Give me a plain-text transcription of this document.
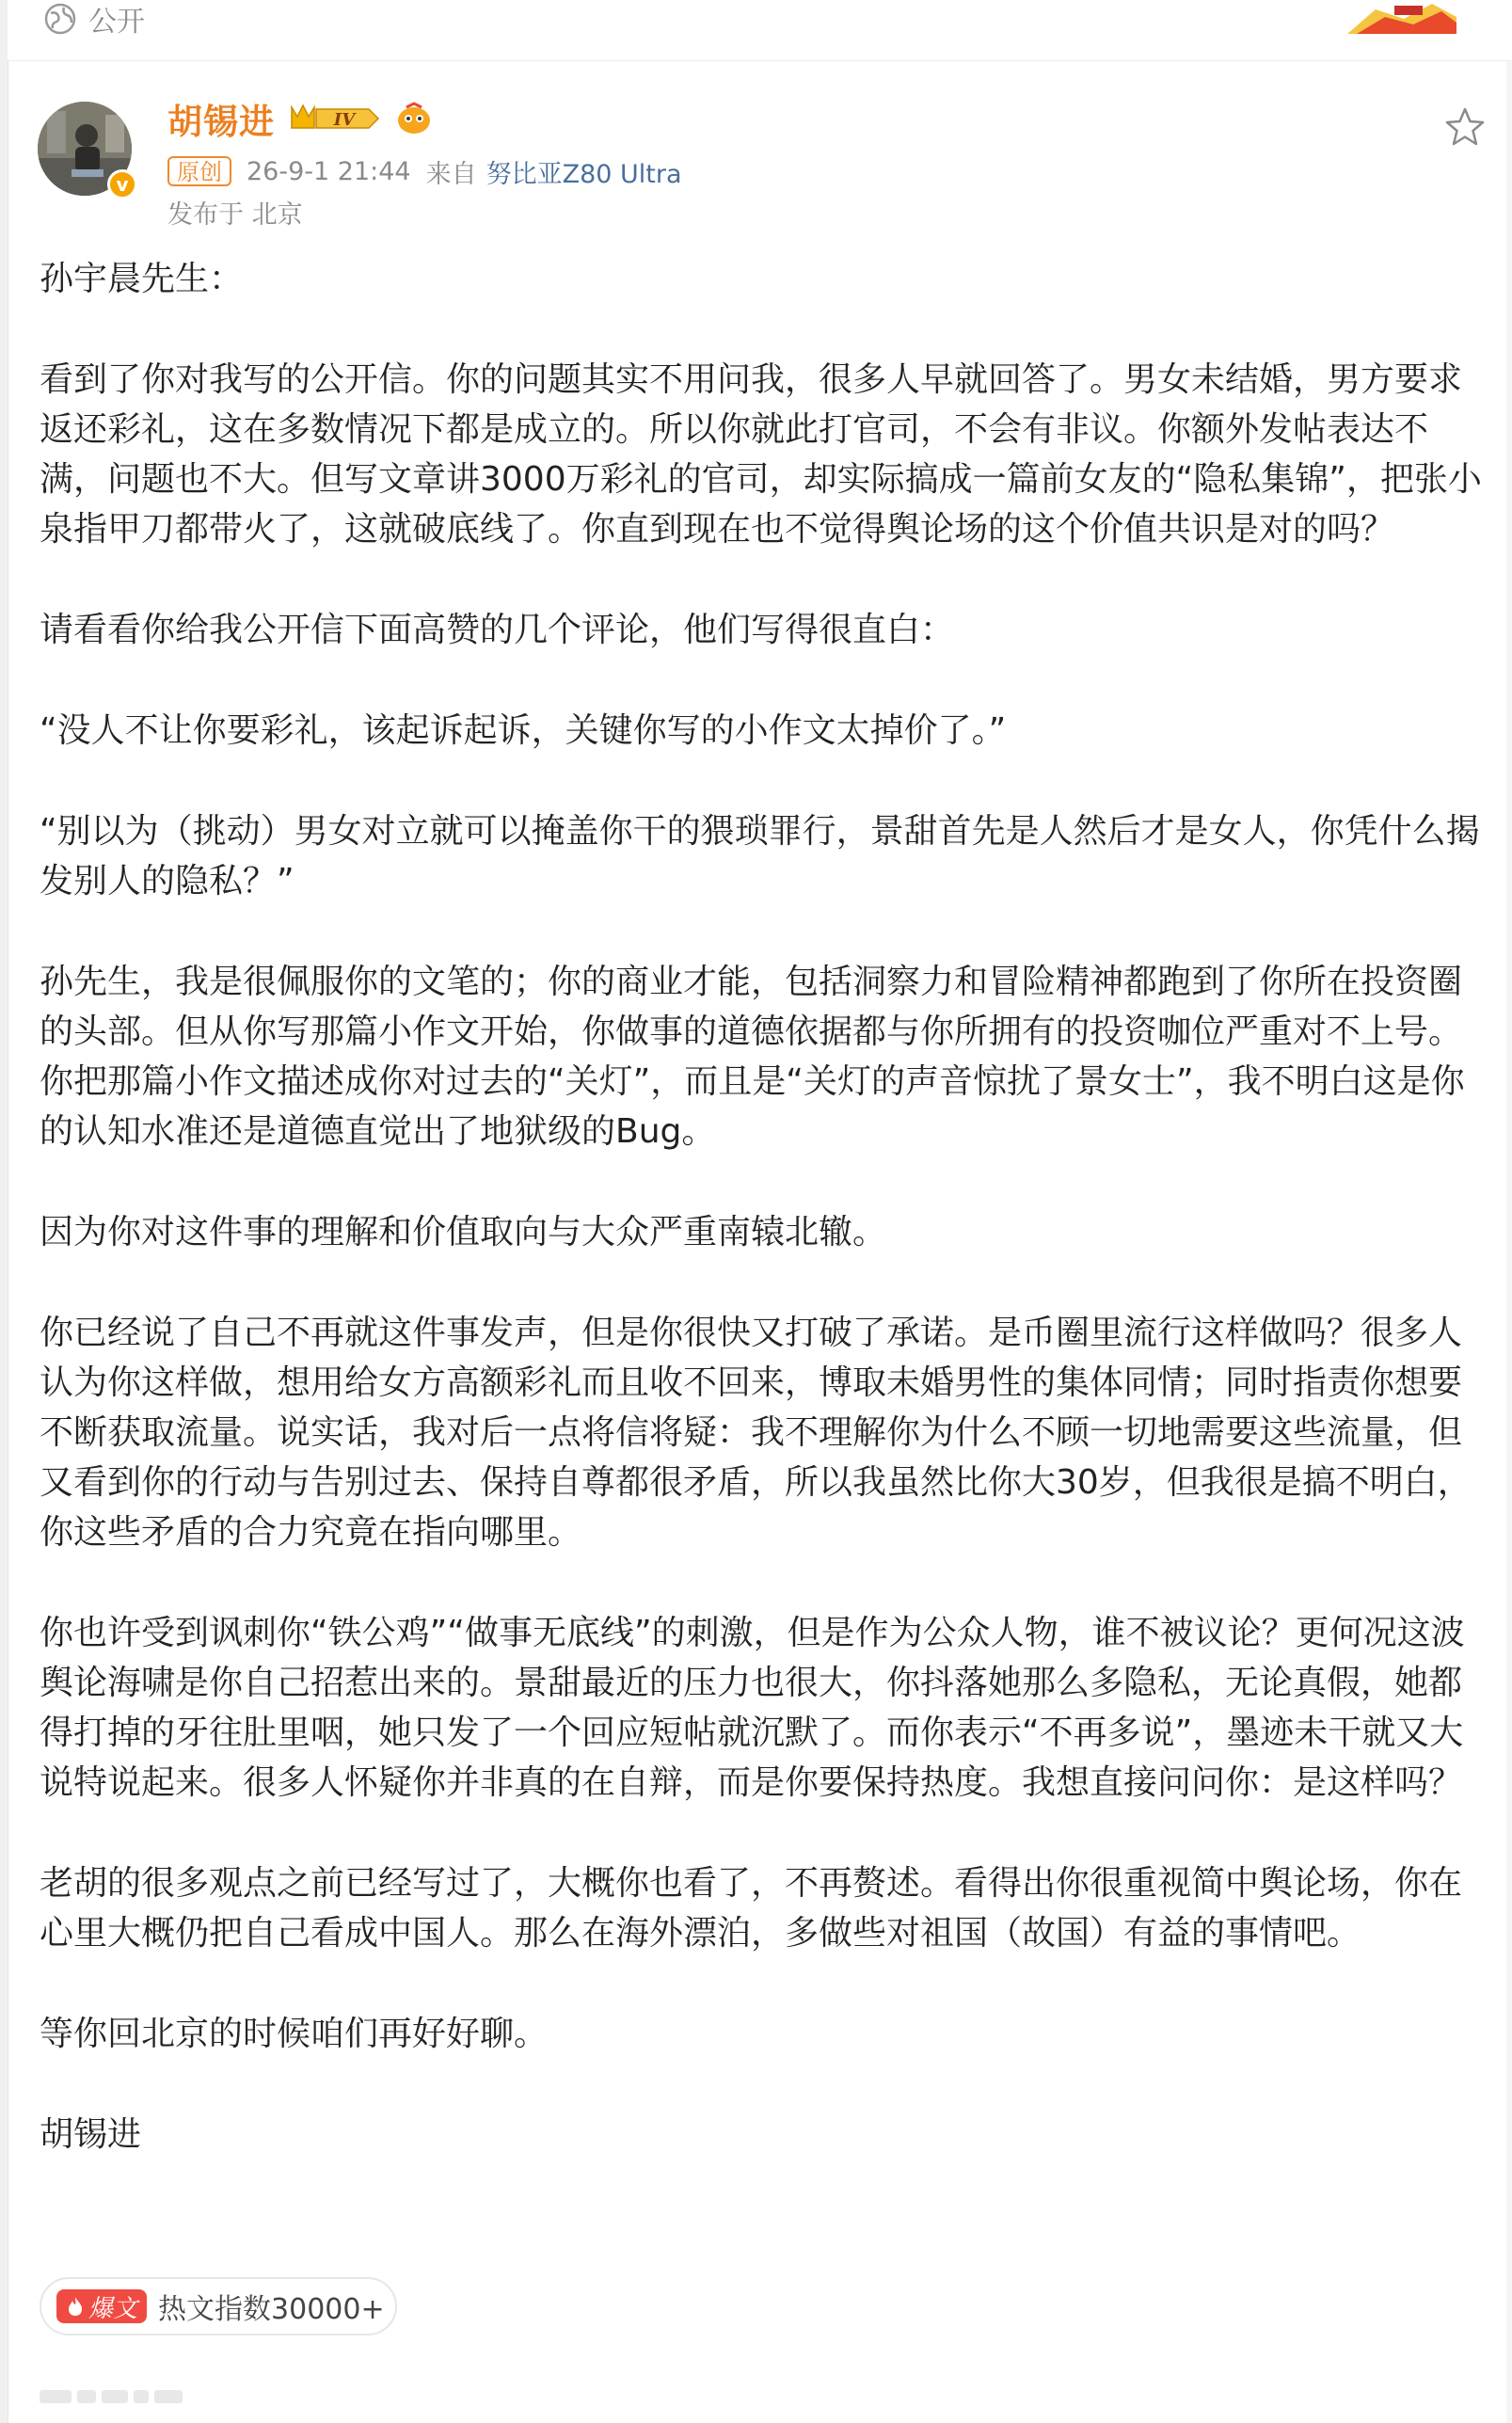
公开
v
胡锡进	IV
原创 26-9-1 21:44 来自 努比亚Z80 Ultra
发布于 北京

孙宇晨先生：

看到了你对我写的公开信。你的问题其实不用问我，很多人早就回答了。男女未结婚，男方要求返还彩礼，这在多数情况下都是成立的。所以你就此打官司，不会有非议。你额外发帖表达不满，问题也不大。但写文章讲3000万彩礼的官司，却实际搞成一篇前女友的“隐私集锦”，把张小泉指甲刀都带火了，这就破底线了。你直到现在也不觉得舆论场的这个价值共识是对的吗？

请看看你给我公开信下面高赞的几个评论，他们写得很直白：

“没人不让你要彩礼，该起诉起诉，关键你写的小作文太掉价了。”

“别以为（挑动）男女对立就可以掩盖你干的猥琐罪行，景甜首先是人然后才是女人，你凭什么揭发别人的隐私？”

孙先生，我是很佩服你的文笔的；你的商业才能，包括洞察力和冒险精神都跑到了你所在投资圈的头部。但从你写那篇小作文开始，你做事的道德依据都与你所拥有的投资咖位严重对不上号。你把那篇小作文描述成你对过去的“关灯”，而且是“关灯的声音惊扰了景女士”，我不明白这是你的认知水准还是道德直觉出了地狱级的Bug。

因为你对这件事的理解和价值取向与大众严重南辕北辙。

你已经说了自己不再就这件事发声，但是你很快又打破了承诺。是币圈里流行这样做吗？很多人认为你这样做，想用给女方高额彩礼而且收不回来，博取未婚男性的集体同情；同时指责你想要不断获取流量。说实话，我对后一点将信将疑：我不理解你为什么不顾一切地需要这些流量，但又看到你的行动与告别过去、保持自尊都很矛盾，所以我虽然比你大30岁，但我很是搞不明白，你这些矛盾的合力究竟在指向哪里。

你也许受到讽刺你“铁公鸡”“做事无底线”的刺激，但是作为公众人物，谁不被议论？更何况这波舆论海啸是你自己招惹出来的。景甜最近的压力也很大，你抖落她那么多隐私，无论真假，她都得打掉的牙往肚里咽，她只发了一个回应短帖就沉默了。而你表示“不再多说”，墨迹未干就又大说特说起来。很多人怀疑你并非真的在自辩，而是你要保持热度。我想直接问问你：是这样吗？

老胡的很多观点之前已经写过了，大概你也看了，不再赘述。看得出你很重视简中舆论场，你在心里大概仍把自己看成中国人。那么在海外漂泊，多做些对祖国（故国）有益的事情吧。

等你回北京的时候咱们再好好聊。

胡锡进

爆文 热文指数30000+
